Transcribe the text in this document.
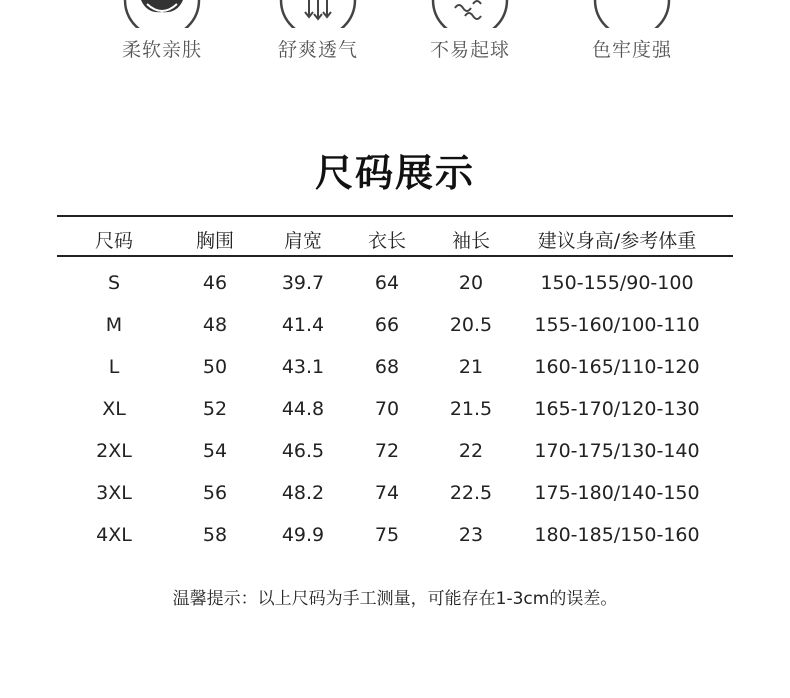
柔软亲肤	舒爽透气	不易起球	色牢度强
尺码展示
尺码	胸围	肩宽	衣长	袖长	建议身高/参考体重
S	46	39.7	64	20	150-155/90-100
M	48	41.4	66	20.5	155-160/100-110
L	50	43.1	68	21	160-165/110-120
XL	52	44.8	70	21.5	165-170/120-130
2XL	54	46.5	72	22	170-175/130-140
3XL	56	48.2	74	22.5	175-180/140-150
4XL	58	49.9	75	23	180-185/150-160
温馨提示：以上尺码为手工测量，可能存在1-3cm的误差。
